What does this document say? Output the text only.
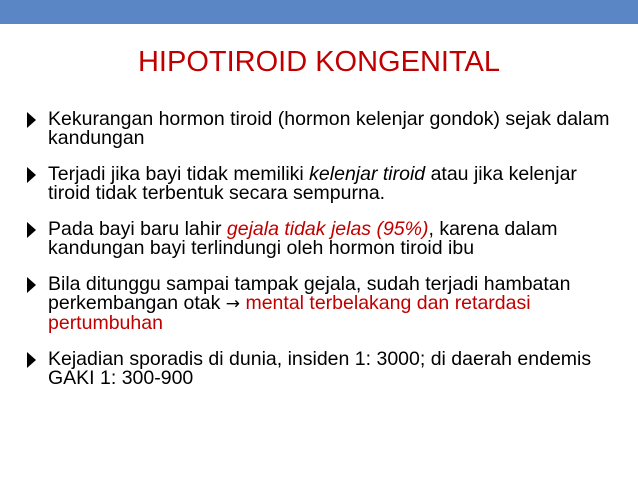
HIPOTIROID KONGENITAL
Kekurangan hormon tiroid (hormon kelenjar gondok) sejak dalam kandungan
Terjadi jika bayi tidak memiliki kelenjar tiroid atau jika kelenjar tiroid tidak terbentuk secara sempurna.
Pada bayi baru lahir gejala tidak jelas (95%), karena dalam kandungan bayi terlindungi oleh hormon tiroid ibu
Bila ditunggu sampai tampak gejala, sudah terjadi hambatan perkembangan otak → mental terbelakang dan retardasi pertumbuhan
Kejadian sporadis di dunia, insiden 1: 3000; di daerah endemis GAKI 1: 300-900
